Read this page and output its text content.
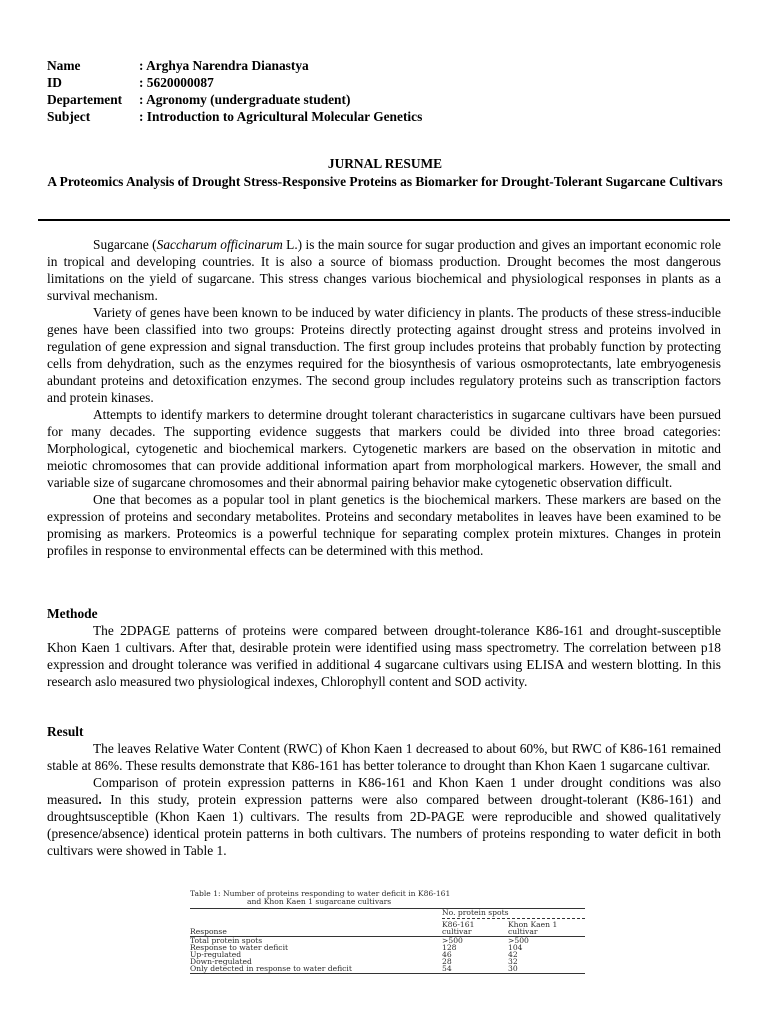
Name	: Arghya Narendra Dianastya
ID	: 5620000087
Departement	: Agronomy (undergraduate student)
Subject	: Introduction to Agricultural Molecular Genetics
JURNAL RESUME
A Proteomics Analysis of Drought Stress-Responsive Proteins as Biomarker for Drought-Tolerant Sugarcane Cultivars

Sugarcane (Saccharum officinarum L.) is the main source for sugar production and gives an important economic role in tropical and developing countries. It is also a source of biomass production. Drought becomes the most dangerous limitations on the yield of sugarcane. This stress changes various biochemical and physiological responses in plants as a survival mechanism.

Variety of genes have been known to be induced by water dificiency in plants. The products of these stress-inducible genes have been classified into two groups: Proteins directly protecting against drought stress and proteins involved in regulation of gene expression and signal transduction. The first group includes proteins that probably function by protecting cells from dehydration, such as the enzymes required for the biosynthesis of various osmoprotectants, late embryogenesis abundant proteins and detoxification enzymes. The second group includes regulatory proteins such as transcription factors and protein kinases.

Attempts to identify markers to determine drought tolerant characteristics in sugarcane cultivars have been pursued for many decades. The supporting evidence suggests that markers could be divided into three broad categories: Morphological, cytogenetic and biochemical markers. Cytogenetic markers are based on the observation in mitotic and meiotic chromosomes that can provide additional information apart from morphological markers. However, the small and variable size of sugarcane chromosomes and their abnormal pairing behavior make cytogenetic observation difficult.

One that becomes as a popular tool in plant genetics is the biochemical markers. These markers are based on the expression of proteins and secondary metabolites. Proteins and secondary metabolites in leaves have been examined to be promising as markers. Proteomics is a powerful technique for separating complex protein mixtures. Changes in protein profiles in response to environmental effects can be determined with this method.

Methode

The 2DPAGE patterns of proteins were compared between drought-tolerance K86-161 and drought-susceptible Khon Kaen 1 cultivars. After that, desirable protein were identified using mass spectrometry. The correlation between p18 expression and drought tolerance was verified in additional 4 sugarcane cultivars using ELISA and western blotting. In this research aslo measured two physiological indexes, Chlorophyll content and SOD activity.

Result

The leaves Relative Water Content (RWC) of Khon Kaen 1 decreased to about 60%, but RWC of K86-161 remained stable at 86%. These results demonstrate that K86-161 has better tolerance to drought than Khon Kaen 1 sugarcane cultivar.

Comparison of protein expression patterns in K86-161 and Khon Kaen 1 under drought conditions was also measured. In this study, protein expression patterns were also compared between drought-tolerant (K86-161) and droughtsusceptible (Khon Kaen 1) cultivars. The results from 2D-PAGE were reproducible and showed qualitatively (presence/absence) identical protein patterns in both cultivars. The numbers of proteins responding to water deficit in both cultivars were showed in Table 1.

Table 1: Number of proteins responding to water deficit in K86-161
and Khon Kaen 1 sugarcane cultivars
No. protein spots
K86-161
cultivar
Khon Kaen 1
cultivar
Response
Total protein spots	>500	>500
Response to water deficit	128	104
Up-regulated	46	42
Down-regulated	28	32
Only detected in response to water deficit	54	30
